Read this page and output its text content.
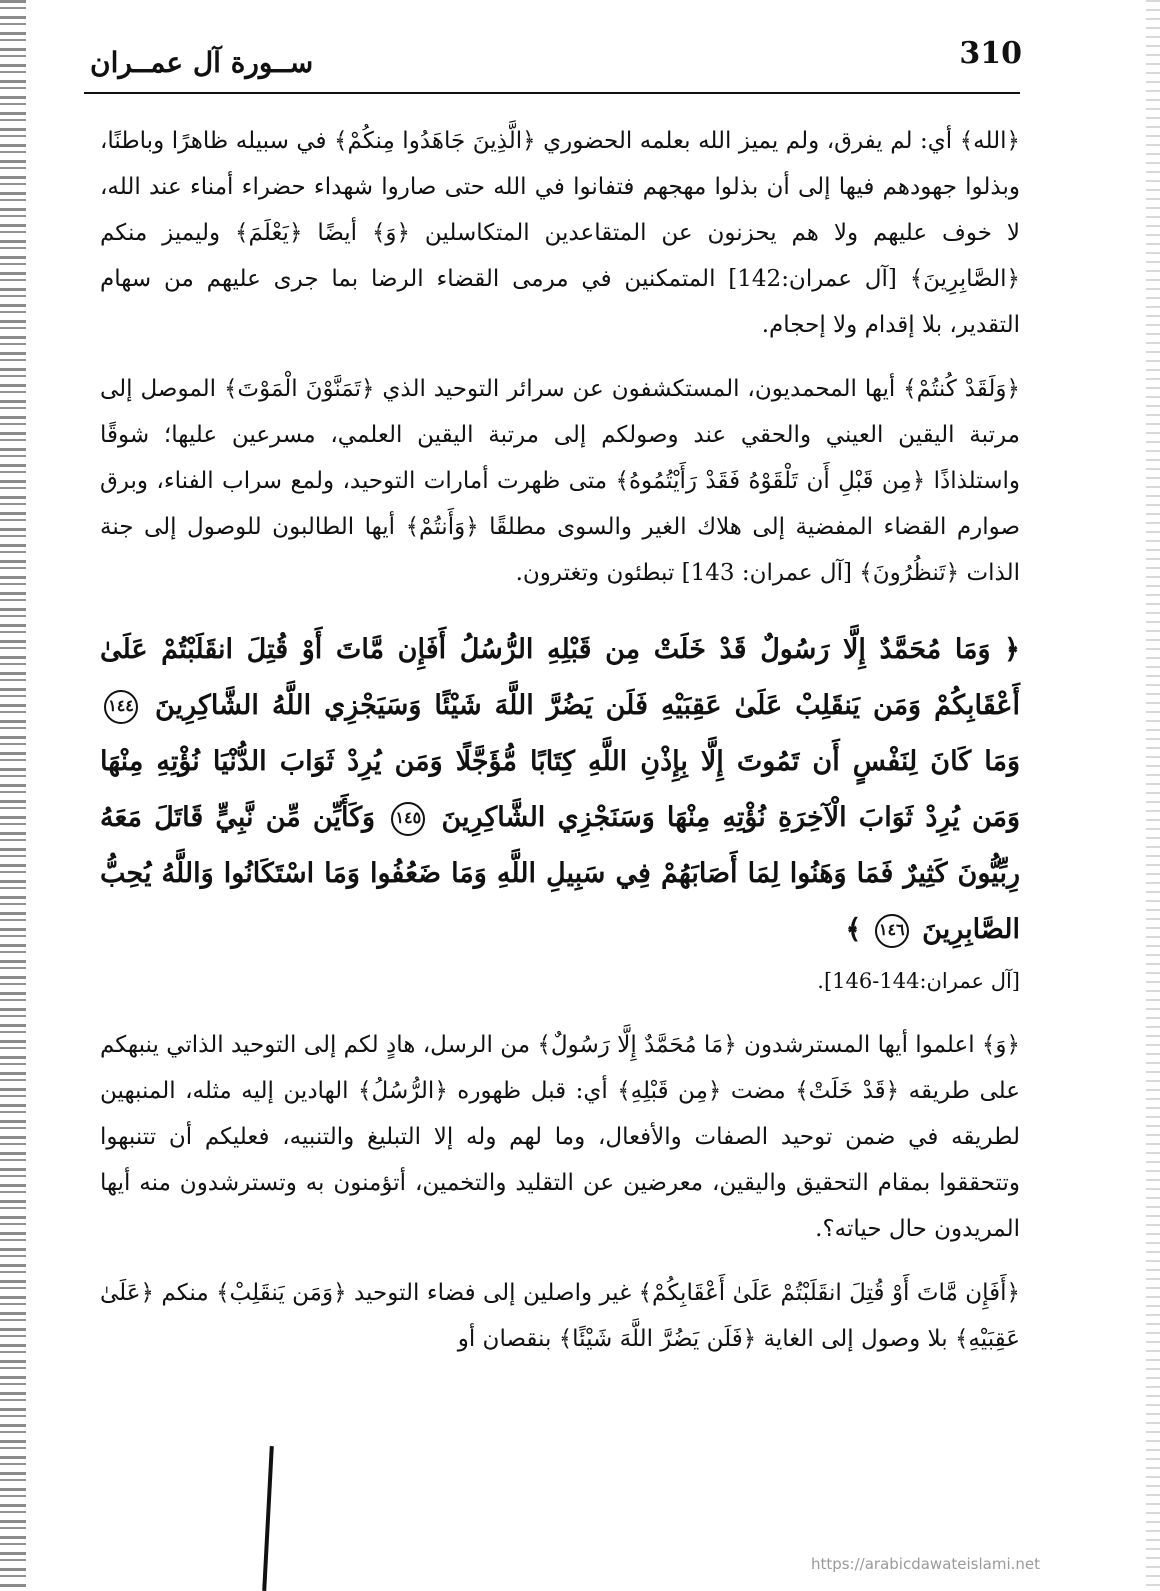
310
ســورة آل عمــران

﴿الله﴾ أي: لم يفرق، ولم يميز الله بعلمه الحضوري ﴿الَّذِينَ جَاهَدُوا مِنكُمْ﴾ في سبيله ظاهرًا وباطنًا، وبذلوا جهودهم فيها إلى أن بذلوا مهجهم فتفانوا في الله حتى صاروا شهداء حضراء أمناء عند الله، لا خوف عليهم ولا هم يحزنون عن المتقاعدين المتكاسلين ﴿وَ﴾ أيضًا ﴿يَعْلَمَ﴾ وليميز منكم ﴿الصَّابِرِينَ﴾ [آل عمران:142] المتمكنين في مرمى القضاء الرضا بما جرى عليهم من سهام التقدير، بلا إقدام ولا إحجام.

﴿وَلَقَدْ كُنتُمْ﴾ أيها المحمديون، المستكشفون عن سرائر التوحيد الذي ﴿تَمَنَّوْنَ الْمَوْتَ﴾ الموصل إلى مرتبة اليقين العيني والحقي عند وصولكم إلى مرتبة اليقين العلمي، مسرعين عليها؛ شوقًا واستلذاذًا ﴿مِن قَبْلِ أَن تَلْقَوْهُ فَقَدْ رَأَيْتُمُوهُ﴾ متى ظهرت أمارات التوحيد، ولمع سراب الفناء، وبرق صوارم القضاء المفضية إلى هلاك الغير والسوى مطلقًا ﴿وَأَنتُمْ﴾ أيها الطالبون للوصول إلى جنة الذات ﴿تَنظُرُونَ﴾ [آل عمران: 143] تبطئون وتغترون.

﴿ وَمَا مُحَمَّدٌ إِلَّا رَسُولٌ قَدْ خَلَتْ مِن قَبْلِهِ الرُّسُلُ أَفَإِن مَّاتَ أَوْ قُتِلَ انقَلَبْتُمْ عَلَىٰ أَعْقَابِكُمْ وَمَن يَنقَلِبْ عَلَىٰ عَقِبَيْهِ فَلَن يَضُرَّ اللَّهَ شَيْئًا وَسَيَجْزِي اللَّهُ الشَّاكِرِينَ ١٤٤ وَمَا كَانَ لِنَفْسٍ أَن تَمُوتَ إِلَّا بِإِذْنِ اللَّهِ كِتَابًا مُّؤَجَّلًا وَمَن يُرِدْ ثَوَابَ الدُّنْيَا نُؤْتِهِ مِنْهَا وَمَن يُرِدْ ثَوَابَ الْآخِرَةِ نُؤْتِهِ مِنْهَا وَسَنَجْزِي الشَّاكِرِينَ ١٤٥ وَكَأَيِّن مِّن نَّبِيٍّ قَاتَلَ مَعَهُ رِبِّيُّونَ كَثِيرٌ فَمَا وَهَنُوا لِمَا أَصَابَهُمْ فِي سَبِيلِ اللَّهِ وَمَا ضَعُفُوا وَمَا اسْتَكَانُوا وَاللَّهُ يُحِبُّ الصَّابِرِينَ ١٤٦ ﴾

[آل عمران:144-146].

﴿وَ﴾ اعلموا أيها المسترشدون ﴿مَا مُحَمَّدٌ إِلَّا رَسُولٌ﴾ من الرسل، هادٍ لكم إلى التوحيد الذاتي ينبهكم على طريقه ﴿قَدْ خَلَتْ﴾ مضت ﴿مِن قَبْلِهِ﴾ أي: قبل ظهوره ﴿الرُّسُلُ﴾ الهادين إليه مثله، المنبهين لطريقه في ضمن توحيد الصفات والأفعال، وما لهم وله إلا التبليغ والتنبيه، فعليكم أن تتنبهوا وتتحققوا بمقام التحقيق واليقين، معرضين عن التقليد والتخمين، أتؤمنون به وتسترشدون منه أيها المريدون حال حياته؟.

﴿أَفَإِن مَّاتَ أَوْ قُتِلَ انقَلَبْتُمْ عَلَىٰ أَعْقَابِكُمْ﴾ غير واصلين إلى فضاء التوحيد ﴿وَمَن يَنقَلِبْ﴾ منكم ﴿عَلَىٰ عَقِبَيْهِ﴾ بلا وصول إلى الغاية ﴿فَلَن يَضُرَّ اللَّهَ شَيْئًا﴾ بنقصان أو

https://arabicdawateislami.net
